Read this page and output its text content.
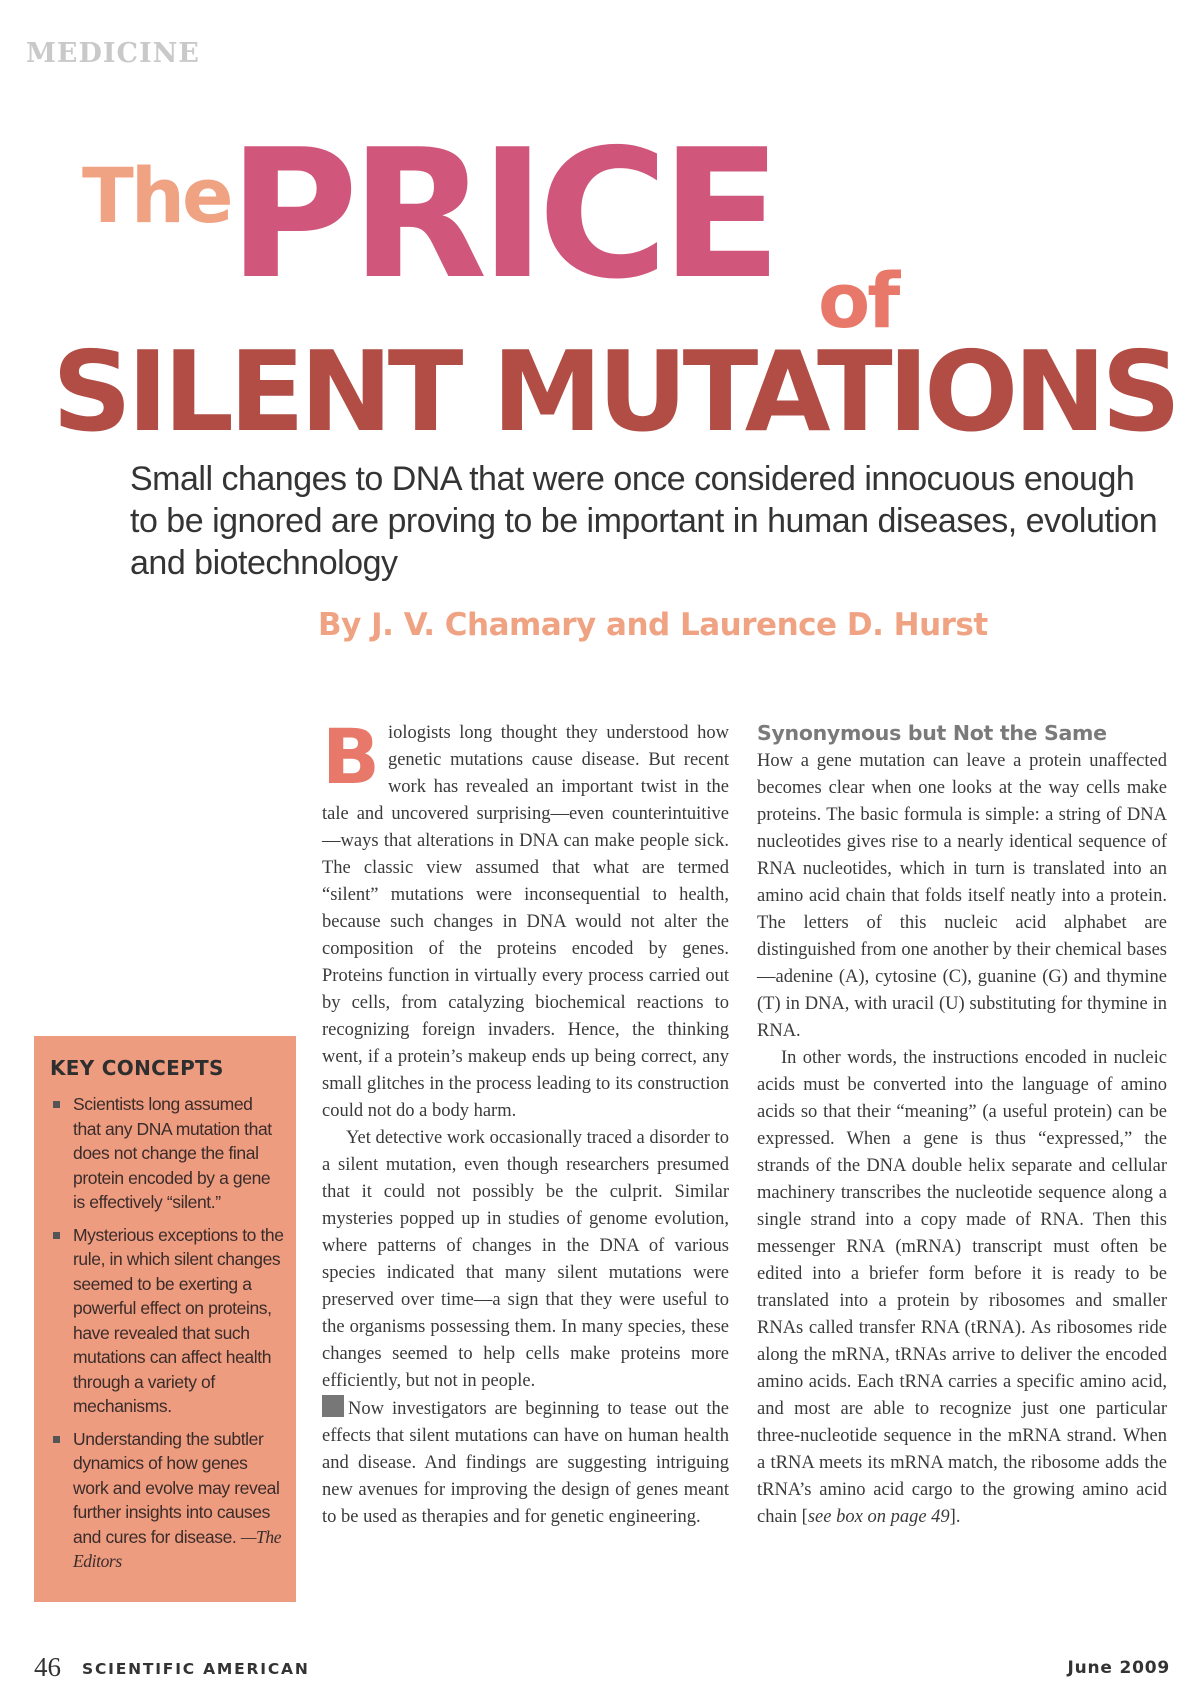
MEDICINE
The
PRICE of
SILENT MUTATIONS
Small changes to DNA that were once considered innocuous enough to be ignored are proving to be important in human diseases, evolution and biotechnology
By J. V. Chamary and Laurence D. Hurst

Biologists long thought they understood how genetic mutations cause disease. But recent work has revealed an important twist in the tale and uncovered surprising—even counterintuitive—ways that alterations in DNA can make people sick. The classic view assumed that what are termed “silent” mutations were inconsequential to health, because such changes in DNA would not alter the composition of the proteins encoded by genes. Proteins function in virtually every process carried out by cells, from catalyzing biochemical reactions to recognizing foreign invaders. Hence, the thinking went, if a protein’s makeup ends up being correct, any small glitches in the process leading to its construction could not do a body harm.

Yet detective work occasionally traced a disorder to a silent mutation, even though researchers presumed that it could not possibly be the culprit. Similar mysteries popped up in studies of genome evolution, where patterns of changes in the DNA of various species indicated that many silent mutations were preserved over time—a sign that they were useful to the organisms possessing them. In many species, these changes seemed to help cells make proteins more efficiently, but not in people.

Now investigators are beginning to tease out the effects that silent mutations can have on human health and disease. And findings are suggesting intriguing new avenues for improving the design of genes meant to be used as therapies and for genetic engineering.

Synonymous but Not the Same

How a gene mutation can leave a protein unaffected becomes clear when one looks at the way cells make proteins. The basic formula is simple: a string of DNA nucleotides gives rise to a nearly identical sequence of RNA nucleotides, which in turn is translated into an amino acid chain that folds itself neatly into a protein. The letters of this nucleic acid alphabet are distinguished from one another by their chemical bases—adenine (A), cytosine (C), guanine (G) and thymine (T) in DNA, with uracil (U) substituting for thymine in RNA.

In other words, the instructions encoded in nucleic acids must be converted into the language of amino acids so that their “meaning” (a useful protein) can be expressed. When a gene is thus “expressed,” the strands of the DNA double helix separate and cellular machinery transcribes the nucleotide sequence along a single strand into a copy made of RNA. Then this messenger RNA (mRNA) transcript must often be edited into a briefer form before it is ready to be translated into a protein by ribosomes and smaller RNAs called transfer RNA (tRNA). As ribosomes ride along the mRNA, tRNAs arrive to deliver the encoded amino acids. Each tRNA carries a specific amino acid, and most are able to recognize just one particular three-nucleotide sequence in the mRNA strand. When a tRNA meets its mRNA match, the ribosome adds the tRNA’s amino acid cargo to the growing amino acid chain [see box on page 49].

KEY CONCEPTS
Scientists long assumed that any DNA mutation that does not change the final protein encoded by a gene is effectively “silent.”
Mysterious exceptions to the rule, in which silent changes seemed to be exerting a powerful effect on proteins, have revealed that such mutations can affect health through a variety of mechanisms.
Understanding the subtler dynamics of how genes work and evolve may reveal further insights into causes and cures for disease. —The Editors
46 SCIENTIFIC AMERICAN	June 2009
